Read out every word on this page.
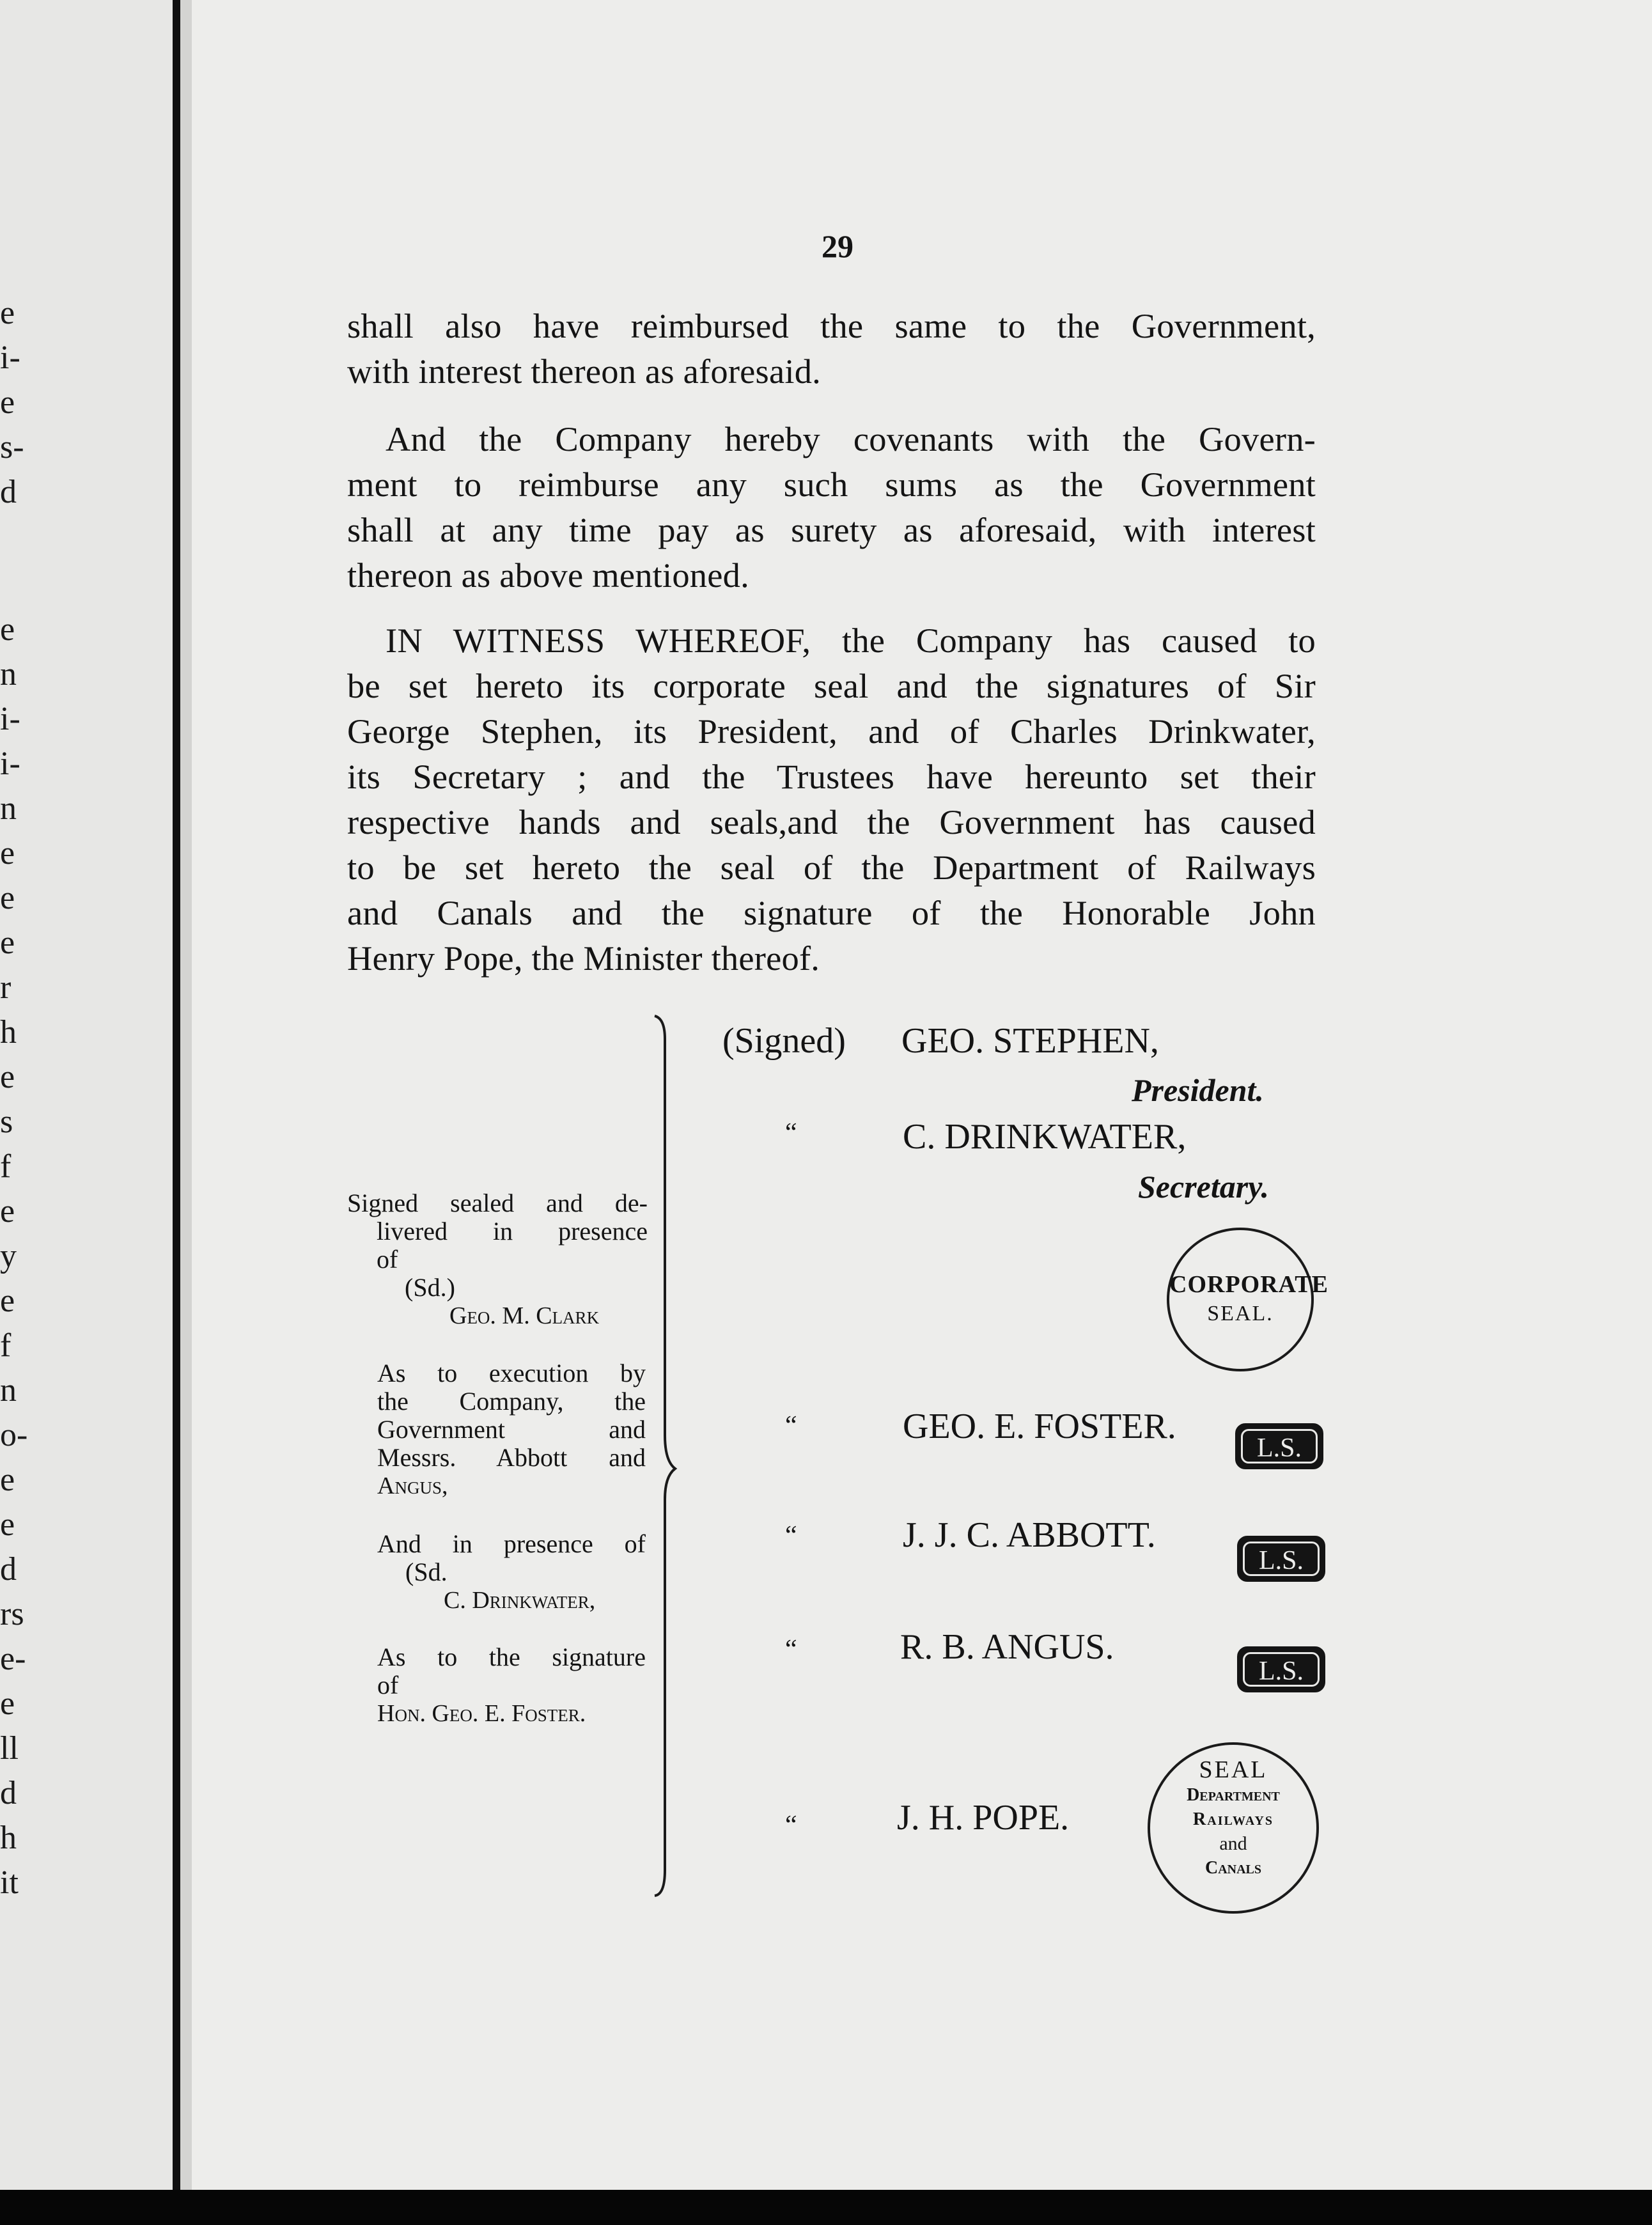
e
i-
e
s-
d
e
n
i-
i-
n
e
e
e
r
h
e
s
f
e
y
e
f
n
o-
e
e
d
rs
e-
e
ll
d
h
it
29

shall also have reimbursed the same to the Government,
with interest thereon as aforesaid.

And the Company hereby covenants with the Govern-
ment to reimburse any such sums as the Government
shall at any time pay as surety as aforesaid, with interest
thereon as above mentioned.

IN WITNESS WHEREOF, the Company has caused to
be set hereto its corporate seal and the signatures of Sir
George Stephen, its President, and of Charles Drinkwater,
its Secretary ; and the Trustees have hereunto set their
respective hands and seals,and the Government has caused
to be set hereto the seal of the Department of Railways
and Canals and the signature of the Honorable John
Henry Pope, the Minister thereof.

Signed sealed and de-
livered in presence
of
(Sd.)
Geo. M. Clark
As to execution by
the Company, the
Government and
Messrs. Abbott and
Angus,
And in presence of
(Sd.
C. Drinkwater,
As to the signature
of
Hon. Geo. E. Foster.
(Signed) GEO. STEPHEN,
President.
“	C. DRINKWATER,
Secretary.
CORPORATE
SEAL.
“	GEO. E. FOSTER.
L.S.
“	J. J. C. ABBOTT.
L.S.
“	R. B. ANGUS.
L.S.
SEAL
Department
Railways
and
Canals
“	J. H. POPE.
